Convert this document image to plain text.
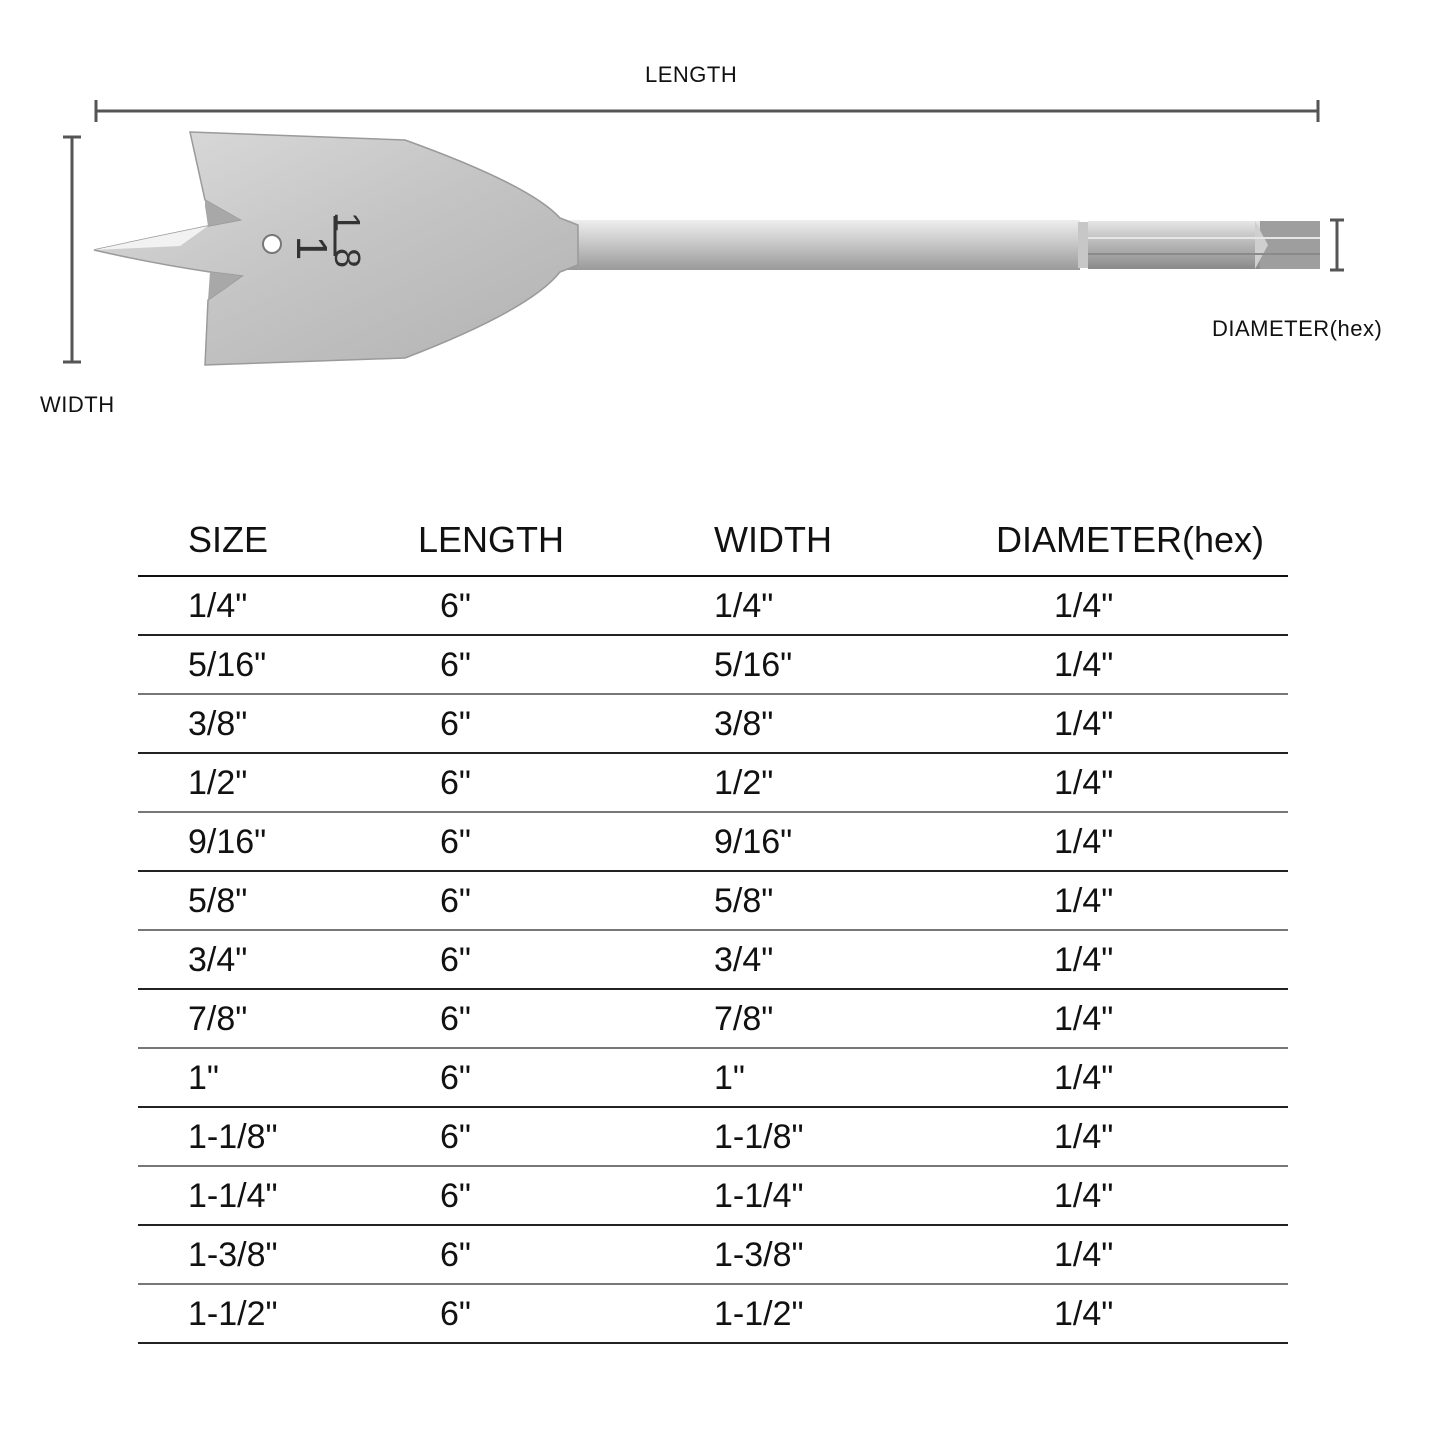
1
8
1
LENGTH
WIDTH
DIAMETER(hex)
SIZE	LENGTH	WIDTH	DIAMETER(hex)
1/4"	6"	1/4"	1/4"
5/16"	6"	5/16"	1/4"
3/8"	6"	3/8"	1/4"
1/2"	6"	1/2"	1/4"
9/16"	6"	9/16"	1/4"
5/8"	6"	5/8"	1/4"
3/4"	6"	3/4"	1/4"
7/8"	6"	7/8"	1/4"
1"	6"	1"	1/4"
1-1/8"	6"	1-1/8"	1/4"
1-1/4"	6"	1-1/4"	1/4"
1-3/8"	6"	1-3/8"	1/4"
1-1/2"	6"	1-1/2"	1/4"
